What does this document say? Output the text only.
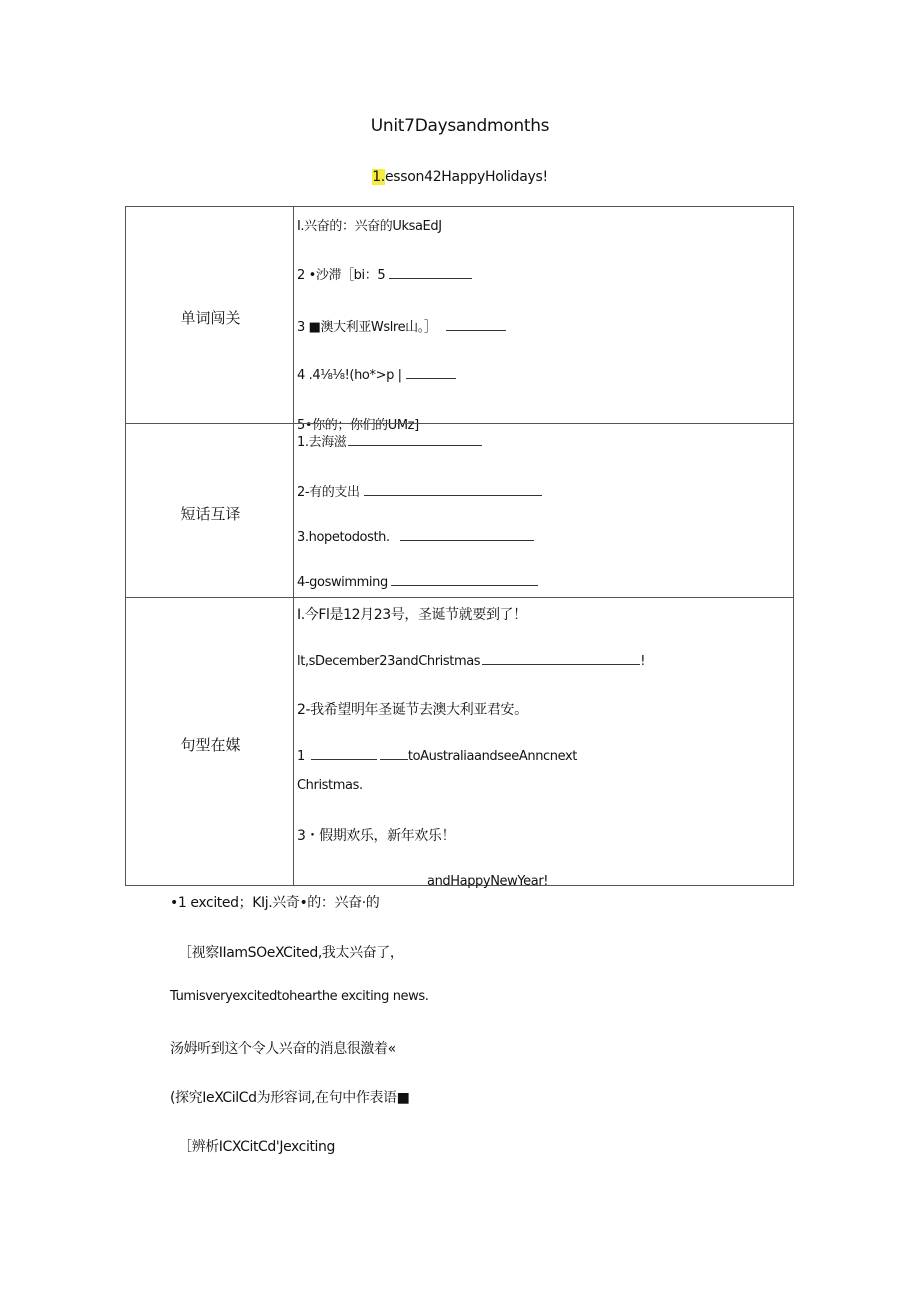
Unit7Daysandmonths
1.esson42HappyHolidays!
单词闯关
I.兴奋的：兴奋的UksaEdJ
2 •沙滞［bi：5
3 ■澳大利亚Wslre山。］
4 .4⅛⅛!(ho*>p |
5•你的；你们的UMz]
短话互译
1.去海滋
2-有的支出
3.hopetodosth.
4-goswimming
句型在媒
I.今Fl是12月23号，圣诞节就要到了！
lt,sDecember23andChristmas	!
2-我希望明年圣诞节去澳大利亚君安。
1	toAustraliaandseeAnncnext
Christmas.
3・假期欢乐，新年欢乐！
andHappyNewYear!
•1 excited；KIj.兴奇•的：兴奋·的
［视察IIamSOeXCited,我太兴奋了，
Tumisveryexcitedtohearthe exciting news.
汤姆听到这个令人兴奋的消息很激着«
(探究IeXCilCd为形容词,在句中作表语■
［辨析ICXCitCd'Jexciting
